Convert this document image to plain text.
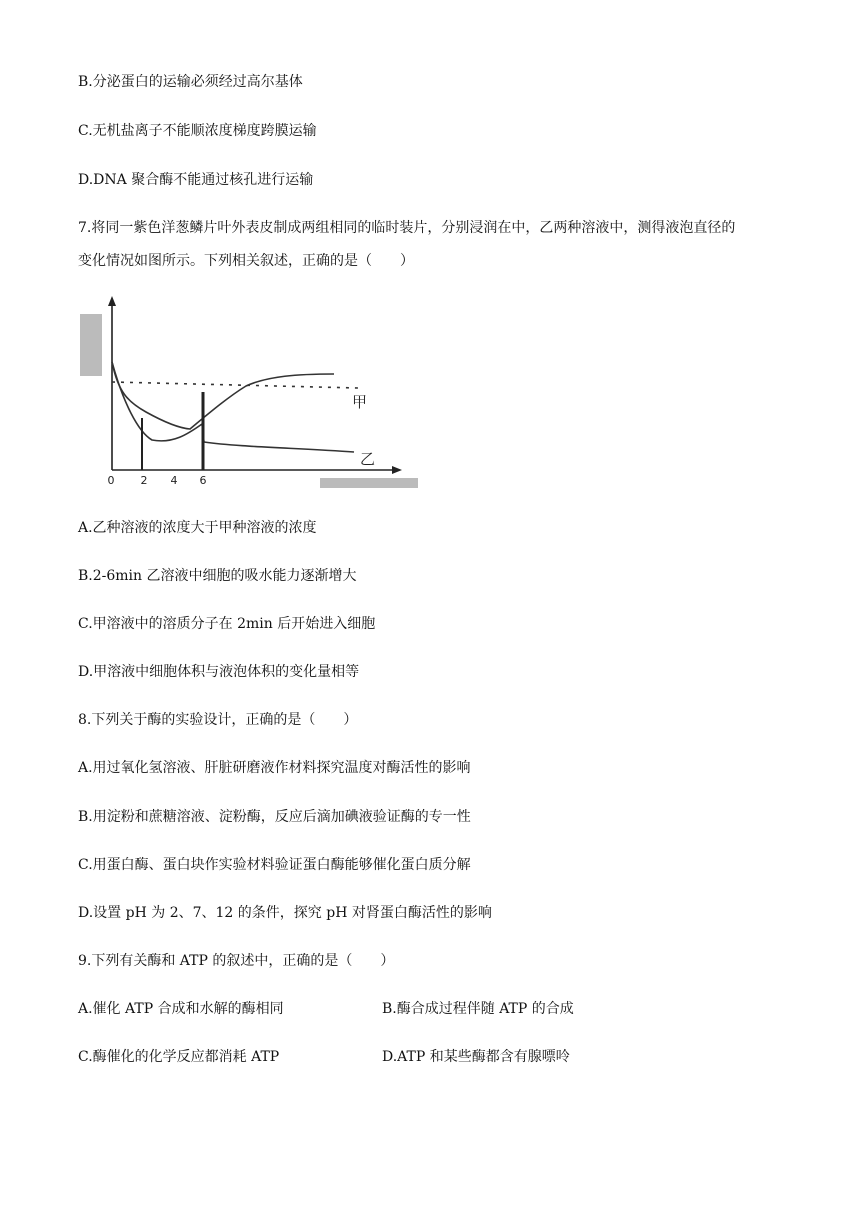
B.分泌蛋白的运输必须经过高尔基体
C.无机盐离子不能顺浓度梯度跨膜运输
D.DNA 聚合酶不能通过核孔进行运输
7.将同一紫色洋葱鳞片叶外表皮制成两组相同的临时装片，分别浸润在中，乙两种溶液中，测得液泡直径的
变化情况如图所示。下列相关叙述，正确的是（　　）
0 2 4 6
甲
乙
A.乙种溶液的浓度大于甲种溶液的浓度
B.2-6min 乙溶液中细胞的吸水能力逐渐增大
C.甲溶液中的溶质分子在 2min 后开始进入细胞
D.甲溶液中细胞体积与液泡体积的变化量相等
8.下列关于酶的实验设计，正确的是（　　）
A.用过氧化氢溶液、肝脏研磨液作材料探究温度对酶活性的影响
B.用淀粉和蔗糖溶液、淀粉酶，反应后滴加碘液验证酶的专一性
C.用蛋白酶、蛋白块作实验材料验证蛋白酶能够催化蛋白质分解
D.设置 pH 为 2、7、12 的条件，探究 pH 对肾蛋白酶活性的影响
9.下列有关酶和 ATP 的叙述中，正确的是（　　）
A.催化 ATP 合成和水解的酶相同	B.酶合成过程伴随 ATP 的合成
C.酶催化的化学反应都消耗 ATP	D.ATP 和某些酶都含有腺嘌呤
